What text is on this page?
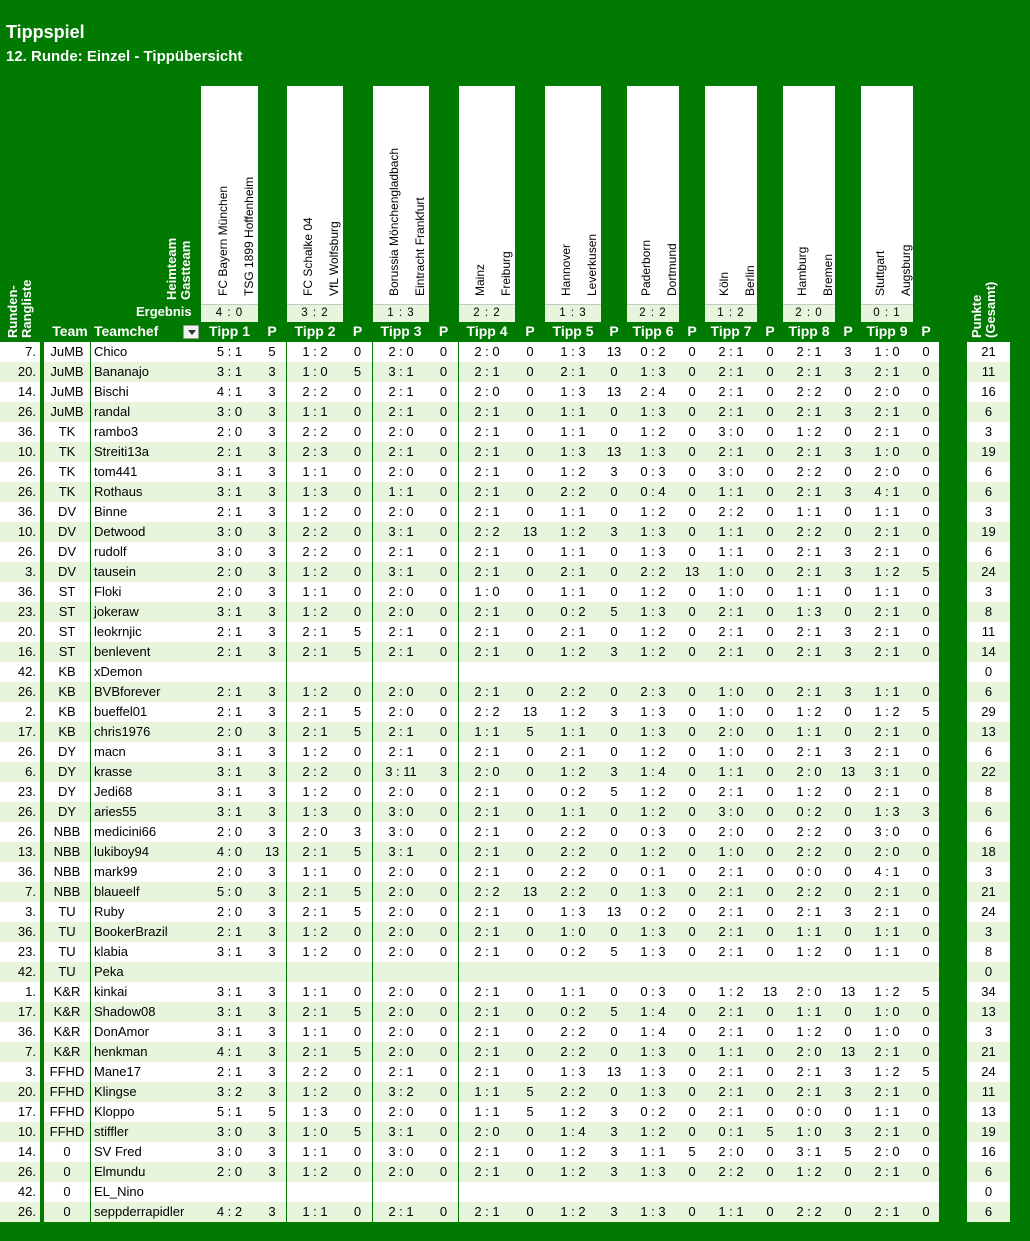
Tippspiel
12. Runde: Einzel - Tippübersicht
FC Bayern München	TSG 1899 Hoffenheim
4 : 0
Tipp 1	P
FC Schalke 04	VfL Wolfsburg
3 : 2
Tipp 2	P
Borussia Mönchengladbach	Eintracht Frankfurt
1 : 3
Tipp 3	P
Mainz	Freiburg
2 : 2
Tipp 4	P
Hannover	Leverkusen
1 : 3
Tipp 5	P
Paderborn	Dortmund
2 : 2
Tipp 6 P
Köln	Berlin
1 : 2
Tipp 7 P
Hamburg	Bremen
2 : 0
Tipp 8 P
Stuttgart	Augsburg
0 : 1
Tipp 9 P
Runden- Rangliste
Heimteam Gastteam
Punkte (Gesamt)
Ergebnis
Team Teamchef
7.	JuMB Chico	5 : 1	5	1 : 2	0	2 : 0	0	2 : 0	0	1 : 3	13	0 : 2	0	2 : 1	0	2 : 1	3	1 : 0	0	21
20.	JuMB Bananajo	3 : 1	3	1 : 0	5	3 : 1	0	2 : 1	0	2 : 1	0	1 : 3	0	2 : 1	0	2 : 1	3	2 : 1	0	11
14.	JuMB Bischi	4 : 1	3	2 : 2	0	2 : 1	0	2 : 0	0	1 : 3	13	2 : 4	0	2 : 1	0	2 : 2	0	2 : 0	0	16
26.	JuMB randal	3 : 0	3	1 : 1	0	2 : 1	0	2 : 1	0	1 : 1	0	1 : 3	0	2 : 1	0	2 : 1	3	2 : 1	0	6
36.	TK	rambo3	2 : 0	3	2 : 2	0	2 : 0	0	2 : 1	0	1 : 1	0	1 : 2	0	3 : 0	0	1 : 2	0	2 : 1	0	3
10.	TK	Streiti13a	2 : 1	3	2 : 3	0	2 : 1	0	2 : 1	0	1 : 3	13	1 : 3	0	2 : 1	0	2 : 1	3	1 : 0	0	19
26.	TK	tom441	3 : 1	3	1 : 1	0	2 : 0	0	2 : 1	0	1 : 2	3	0 : 3	0	3 : 0	0	2 : 2	0	2 : 0	0	6
26.	TK	Rothaus	3 : 1	3	1 : 3	0	1 : 1	0	2 : 1	0	2 : 2	0	0 : 4	0	1 : 1	0	2 : 1	3	4 : 1	0	6
36.	DV	Binne	2 : 1	3	1 : 2	0	2 : 0	0	2 : 1	0	1 : 1	0	1 : 2	0	2 : 2	0	1 : 1	0	1 : 1	0	3
10.	DV	Detwood	3 : 0	3	2 : 2	0	3 : 1	0	2 : 2	13	1 : 2	3	1 : 3	0	1 : 1	0	2 : 2	0	2 : 1	0	19
26.	DV	rudolf	3 : 0	3	2 : 2	0	2 : 1	0	2 : 1	0	1 : 1	0	1 : 3	0	1 : 1	0	2 : 1	3	2 : 1	0	6
3.	DV	tausein	2 : 0	3	1 : 2	0	3 : 1	0	2 : 1	0	2 : 1	0	2 : 2	13	1 : 0	0	2 : 1	3	1 : 2	5	24
36.	ST	Floki	2 : 0	3	1 : 1	0	2 : 0	0	1 : 0	0	1 : 1	0	1 : 2	0	1 : 0	0	1 : 1	0	1 : 1	0	3
23.	ST	jokeraw	3 : 1	3	1 : 2	0	2 : 0	0	2 : 1	0	0 : 2	5	1 : 3	0	2 : 1	0	1 : 3	0	2 : 1	0	8
20.	ST	leokrnjic	2 : 1	3	2 : 1	5	2 : 1	0	2 : 1	0	2 : 1	0	1 : 2	0	2 : 1	0	2 : 1	3	2 : 1	0	11
16.	ST	benlevent	2 : 1	3	2 : 1	5	2 : 1	0	2 : 1	0	1 : 2	3	1 : 2	0	2 : 1	0	2 : 1	3	2 : 1	0	14
42.	KB	xDemon	0
26.	KB	BVBforever	2 : 1	3	1 : 2	0	2 : 0	0	2 : 1	0	2 : 2	0	2 : 3	0	1 : 0	0	2 : 1	3	1 : 1	0	6
2.	KB	bueffel01	2 : 1	3	2 : 1	5	2 : 0	0	2 : 2	13	1 : 2	3	1 : 3	0	1 : 0	0	1 : 2	0	1 : 2	5	29
17.	KB	chris1976	2 : 0	3	2 : 1	5	2 : 1	0	1 : 1	5	1 : 1	0	1 : 3	0	2 : 0	0	1 : 1	0	2 : 1	0	13
26.	DY	macn	3 : 1	3	1 : 2	0	2 : 1	0	2 : 1	0	2 : 1	0	1 : 2	0	1 : 0	0	2 : 1	3	2 : 1	0	6
6.	DY	krasse	3 : 1	3	2 : 2	0	3 : 11	3	2 : 0	0	1 : 2	3	1 : 4	0	1 : 1	0	2 : 0	13	3 : 1	0	22
23.	DY	Jedi68	3 : 1	3	1 : 2	0	2 : 0	0	2 : 1	0	0 : 2	5	1 : 2	0	2 : 1	0	1 : 2	0	2 : 1	0	8
26.	DY	aries55	3 : 1	3	1 : 3	0	3 : 0	0	2 : 1	0	1 : 1	0	1 : 2	0	3 : 0	0	0 : 2	0	1 : 3	3	6
26.	NBB	medicini66	2 : 0	3	2 : 0	3	3 : 0	0	2 : 1	0	2 : 2	0	0 : 3	0	2 : 0	0	2 : 2	0	3 : 0	0	6
13.	NBB	lukiboy94	4 : 0	13	2 : 1	5	3 : 1	0	2 : 1	0	2 : 2	0	1 : 2	0	1 : 0	0	2 : 2	0	2 : 0	0	18
36.	NBB	mark99	2 : 0	3	1 : 1	0	2 : 0	0	2 : 1	0	2 : 2	0	0 : 1	0	2 : 1	0	0 : 0	0	4 : 1	0	3
7.	NBB	blaueelf	5 : 0	3	2 : 1	5	2 : 0	0	2 : 2	13	2 : 2	0	1 : 3	0	2 : 1	0	2 : 2	0	2 : 1	0	21
3.	TU	Ruby	2 : 0	3	2 : 1	5	2 : 0	0	2 : 1	0	1 : 3	13	0 : 2	0	2 : 1	0	2 : 1	3	2 : 1	0	24
36.	TU	BookerBrazil	2 : 1	3	1 : 2	0	2 : 0	0	2 : 1	0	1 : 0	0	1 : 3	0	2 : 1	0	1 : 1	0	1 : 1	0	3
23.	TU	klabia	3 : 1	3	1 : 2	0	2 : 0	0	2 : 1	0	0 : 2	5	1 : 3	0	2 : 1	0	1 : 2	0	1 : 1	0	8
42.	TU	Peka	0
1.	K&R	kinkai	3 : 1	3	1 : 1	0	2 : 0	0	2 : 1	0	1 : 1	0	0 : 3	0	1 : 2	13	2 : 0	13	1 : 2	5	34
17.	K&R	Shadow08	3 : 1	3	2 : 1	5	2 : 0	0	2 : 1	0	0 : 2	5	1 : 4	0	2 : 1	0	1 : 1	0	1 : 0	0	13
36.	K&R	DonAmor	3 : 1	3	1 : 1	0	2 : 0	0	2 : 1	0	2 : 2	0	1 : 4	0	2 : 1	0	1 : 2	0	1 : 0	0	3
7.	K&R	henkman	4 : 1	3	2 : 1	5	2 : 0	0	2 : 1	0	2 : 2	0	1 : 3	0	1 : 1	0	2 : 0	13	2 : 1	0	21
3.	FFHD Mane17	2 : 1	3	2 : 2	0	2 : 1	0	2 : 1	0	1 : 3	13	1 : 3	0	2 : 1	0	2 : 1	3	1 : 2	5	24
20.	FFHD Klingse	3 : 2	3	1 : 2	0	3 : 2	0	1 : 1	5	2 : 2	0	1 : 3	0	2 : 1	0	2 : 1	3	2 : 1	0	11
17.	FFHD Kloppo	5 : 1	5	1 : 3	0	2 : 0	0	1 : 1	5	1 : 2	3	0 : 2	0	2 : 1	0	0 : 0	0	1 : 1	0	13
10.	FFHD stiffler	3 : 0	3	1 : 0	5	3 : 1	0	2 : 0	0	1 : 4	3	1 : 2	0	0 : 1	5	1 : 0	3	2 : 1	0	19
14.	0	SV Fred	3 : 0	3	1 : 1	0	3 : 0	0	2 : 1	0	1 : 2	3	1 : 1	5	2 : 0	0	3 : 1	5	2 : 0	0	16
26.	0	Elmundu	2 : 0	3	1 : 2	0	2 : 0	0	2 : 1	0	1 : 2	3	1 : 3	0	2 : 2	0	1 : 2	0	2 : 1	0	6
42.	0	EL_Nino	0
26.	0	seppderrapidler	4 : 2	3	1 : 1	0	2 : 1	0	2 : 1	0	1 : 2	3	1 : 3	0	1 : 1	0	2 : 2	0	2 : 1	0	6
